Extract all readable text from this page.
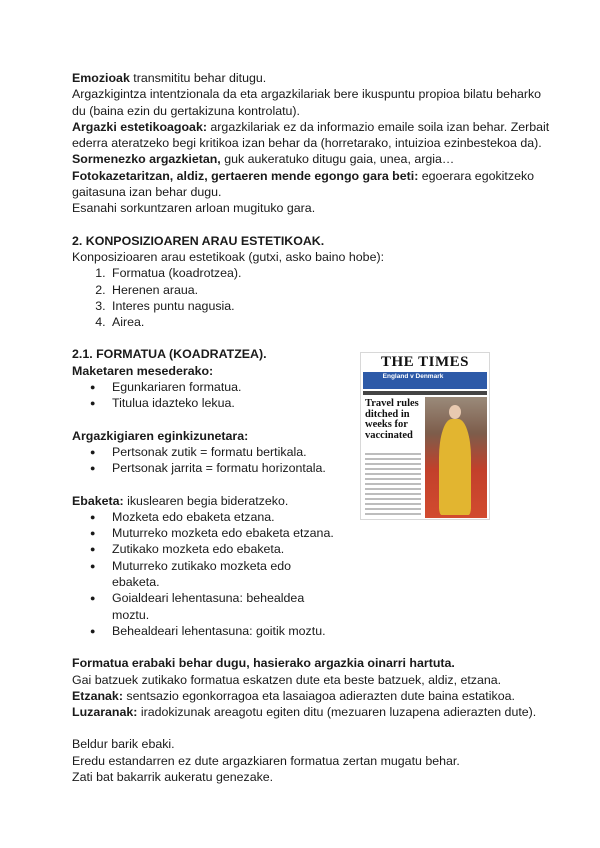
Emozioak transmititu behar ditugu.

Argazkigintza intentzionala da eta argazkilariak bere ikuspuntu propioa bilatu beharko du (baina ezin du gertakizuna kontrolatu).

Argazki estetikoagoak: argazkilariak ez da informazio emaile soila izan behar. Zerbait ederra ateratzeko begi kritikoa izan behar da (horretarako, intuizioa ezinbestekoa da).

Sormenezko argazkietan, guk aukeratuko ditugu gaia, unea, argia…

Fotokazetaritzan, aldiz, gertaeren mende egongo gara beti: egoerara egokitzeko gaitasuna izan behar dugu.

Esanahi sorkuntzaren arloan mugituko gara.

2. KONPOSIZIOAREN ARAU ESTETIKOAK.

Konposizioaren arau estetikoak (gutxi, asko baino hobe):

1. Formatua (koadrotzea).
2. Herenen araua.
3. Interes puntu nagusia.
4. Airea.
2.1. FORMATUA (KOADRATZEA).

Maketaren mesederako:

● Egunkariaren formatua.
● Titulua idazteko lekua.

Argazkigiaren eginkizunetara:

● Pertsonak zutik = formatu bertikala.
● Pertsonak jarrita = formatu horizontala.

Ebaketa: ikuslearen begia bideratzeko.

● Mozketa edo ebaketa etzana.
● Muturreko mozketa edo ebaketa etzana.
● Zutikako mozketa edo ebaketa.
● Muturreko zutikako mozketa edo ebaketa.
● Goialdeari lehentasuna: behealdea moztu.
● Behealdeari lehentasuna: goitik moztu.

Formatua erabaki behar dugu, hasierako argazkia oinarri hartuta.

Gai batzuek zutikako formatua eskatzen dute eta beste batzuek, aldiz, etzana.

Etzanak: sentsazio egonkorragoa eta lasaiagoa adierazten dute baina estatikoa.

Luzaranak: iradokizunak areagotu egiten ditu (mezuaren luzapena adierazten dute).

Beldur barik ebaki.

Eredu estandarren ez dute argazkiaren formatua zertan mugatu behar.

Zati bat bakarrik aukeratu genezake.

THE TIMES
England v Denmark
Travel rules ditched in weeks for vaccinated
